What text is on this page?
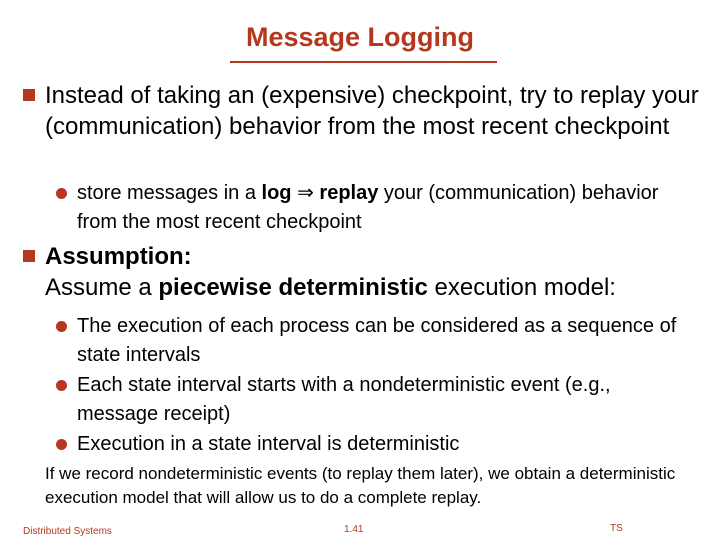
Message Logging
Instead of taking an (expensive) checkpoint, try to replay your (communication) behavior from the most recent checkpoint
store messages in a log ⇒ replay your (communication) behavior from the most recent checkpoint
Assumption:
Assume a piecewise deterministic execution model:
The execution of each process can be considered as a sequence of state intervals
Each state interval starts with a nondeterministic event (e.g., message receipt)
Execution in a state interval is deterministic
If we record nondeterministic events (to replay them later), we obtain a deterministic execution model that will allow us to do a complete replay.
Distributed Systems	1.41	TS
